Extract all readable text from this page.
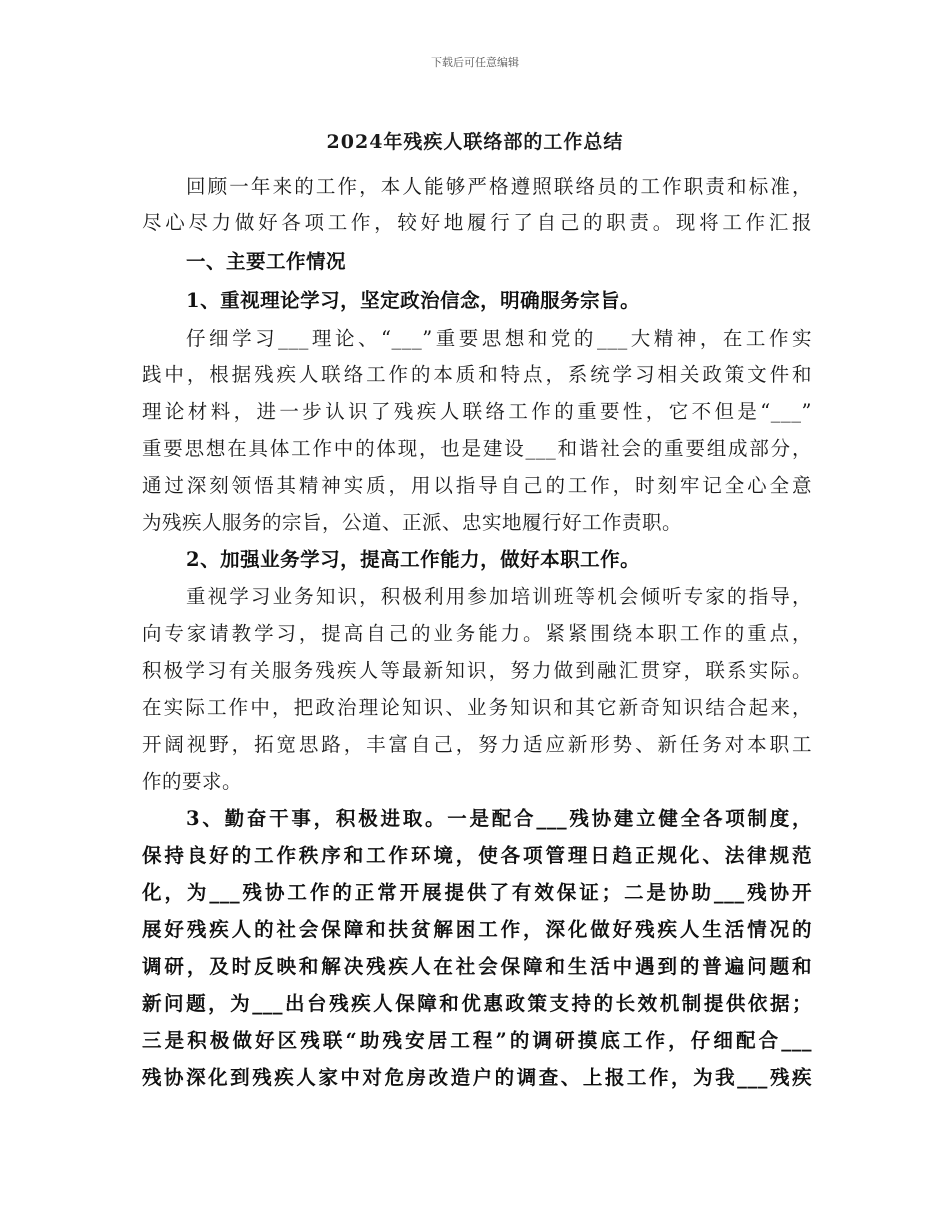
下载后可任意编辑
2024年残疾人联络部的工作总结
回顾一年来的工作，本人能够严格遵照联络员的工作职责和标准，
尽心尽力做好各项工作，较好地履行了自己的职责。现将工作汇报
一、主要工作情况
1、重视理论学习，坚定政治信念，明确服务宗旨。
仔细学习___理论、“___”重要思想和党的___大精神，在工作实
践中，根据残疾人联络工作的本质和特点，系统学习相关政策文件和
理论材料，进一步认识了残疾人联络工作的重要性，它不但是“___”
重要思想在具体工作中的体现，也是建设___和谐社会的重要组成部分，
通过深刻领悟其精神实质，用以指导自己的工作，时刻牢记全心全意
为残疾人服务的宗旨，公道、正派、忠实地履行好工作责职。
2、加强业务学习，提高工作能力，做好本职工作。
重视学习业务知识，积极利用参加培训班等机会倾听专家的指导，
向专家请教学习，提高自己的业务能力。紧紧围绕本职工作的重点，
积极学习有关服务残疾人等最新知识，努力做到融汇贯穿，联系实际。
在实际工作中，把政治理论知识、业务知识和其它新奇知识结合起来，
开阔视野，拓宽思路，丰富自己，努力适应新形势、新任务对本职工
作的要求。
3、勤奋干事，积极进取。一是配合___残协建立健全各项制度，
保持良好的工作秩序和工作环境，使各项管理日趋正规化、法律规范
化，为___残协工作的正常开展提供了有效保证；二是协助___残协开
展好残疾人的社会保障和扶贫解困工作，深化做好残疾人生活情况的
调研，及时反映和解决残疾人在社会保障和生活中遇到的普遍问题和
新问题，为___出台残疾人保障和优惠政策支持的长效机制提供依据；
三是积极做好区残联“助残安居工程”的调研摸底工作，仔细配合___
残协深化到残疾人家中对危房改造户的调查、上报工作，为我___残疾
